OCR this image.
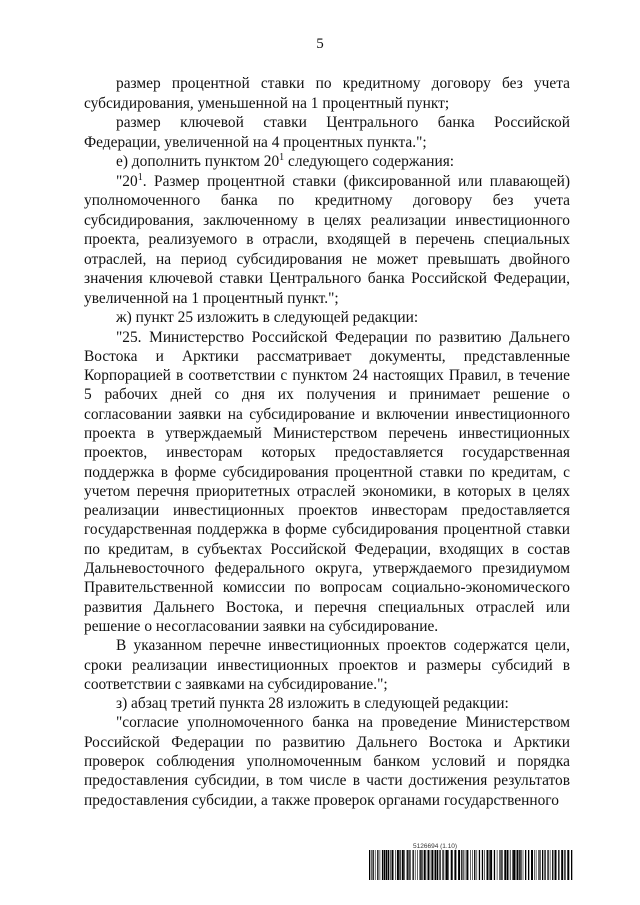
5

размер процентной ставки по кредитному договору без учета субсидирования, уменьшенной на 1 процентный пункт;

размер ключевой ставки Центрального банка Российской Федерации, увеличенной на 4 процентных пункта.";

е) дополнить пунктом $20^1$ следующего содержания:

"$20^1$. Размер процентной ставки (фиксированной или плавающей) уполномоченного банка по кредитному договору без учета субсидирования, заключенному в целях реализации инвестиционного проекта, реализуемого в отрасли, входящей в перечень специальных отраслей, на период субсидирования не может превышать двойного значения ключевой ставки Центрального банка Российской Федерации, увеличенной на 1 процентный пункт.";

ж) пункт 25 изложить в следующей редакции:

"25. Министерство Российской Федерации по развитию Дальнего Востока и Арктики рассматривает документы, представленные Корпорацией в соответствии с пунктом 24 настоящих Правил, в течение 5 рабочих дней со дня их получения и принимает решение о согласовании заявки на субсидирование и включении инвестиционного проекта в утверждаемый Министерством перечень инвестиционных проектов, инвесторам которых предоставляется государственная поддержка в форме субсидирования процентной ставки по кредитам, с учетом перечня приоритетных отраслей экономики, в которых в целях реализации инвестиционных проектов инвесторам предоставляется государственная поддержка в форме субсидирования процентной ставки по кредитам, в субъектах Российской Федерации, входящих в состав Дальневосточного федерального округа, утверждаемого президиумом Правительственной комиссии по вопросам социально-экономического развития Дальнего Востока, и перечня специальных отраслей или решение о несогласовании заявки на субсидирование.

В указанном перечне инвестиционных проектов содержатся цели, сроки реализации инвестиционных проектов и размеры субсидий в соответствии с заявками на субсидирование.";

з) абзац третий пункта 28 изложить в следующей редакции:

"согласие уполномоченного банка на проведение Министерством Российской Федерации по развитию Дальнего Востока и Арктики проверок соблюдения уполномоченным банком условий и порядка предоставления субсидии, в том числе в части достижения результатов предоставления субсидии, а также проверок органами государственного

5126694 (1.10)
